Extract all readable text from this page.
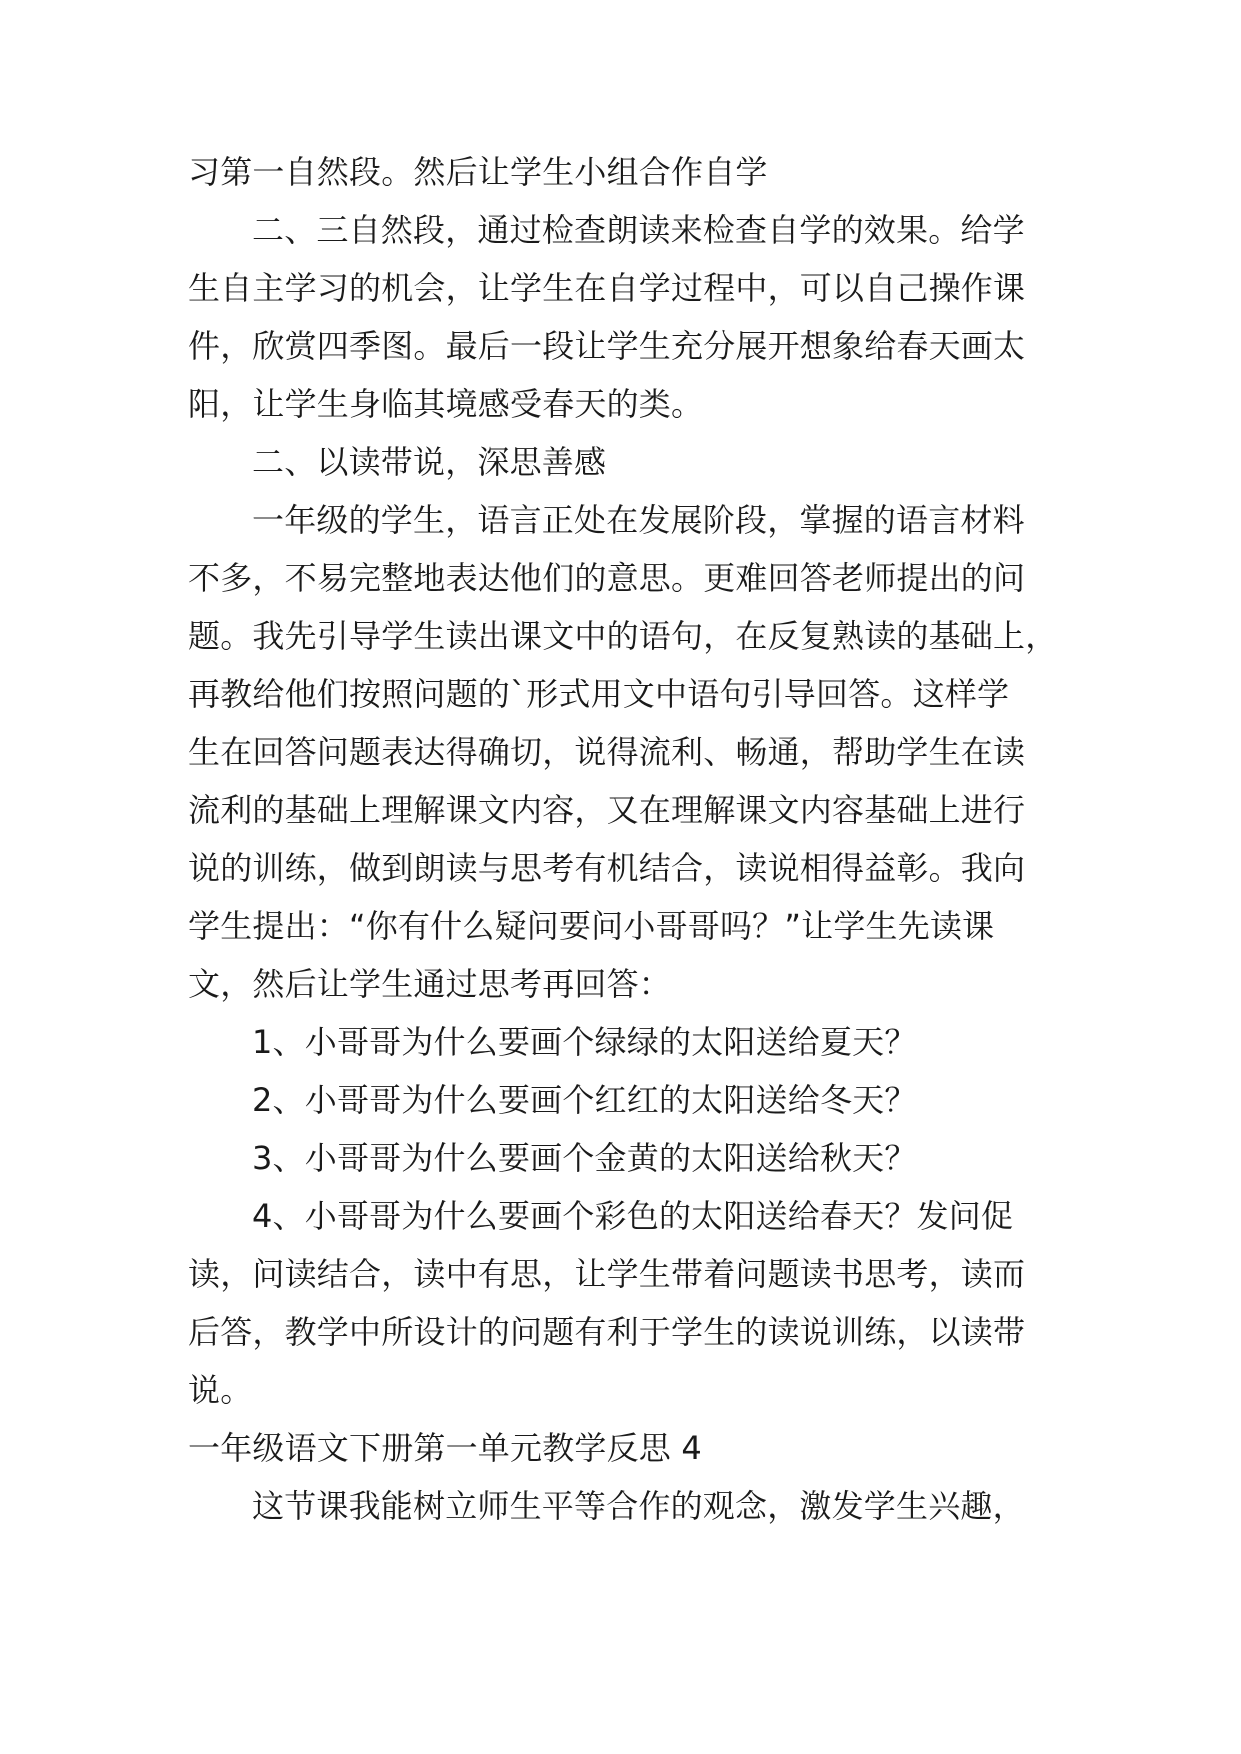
习第一自然段。然后让学生小组合作自学
二、三自然段，通过检查朗读来检查自学的效果。给学
生自主学习的机会，让学生在自学过程中，可以自己操作课
件，欣赏四季图。最后一段让学生充分展开想象给春天画太
阳，让学生身临其境感受春天的类。
二、以读带说，深思善感
一年级的学生，语言正处在发展阶段，掌握的语言材料
不多，不易完整地表达他们的意思。更难回答老师提出的问
题。我先引导学生读出课文中的语句，在反复熟读的基础上，
再教给他们按照问题的`形式用文中语句引导回答。这样学
生在回答问题表达得确切，说得流利、畅通，帮助学生在读
流利的基础上理解课文内容，又在理解课文内容基础上进行
说的训练，做到朗读与思考有机结合，读说相得益彰。我向
学生提出：“你有什么疑问要问小哥哥吗？”让学生先读课
文，然后让学生通过思考再回答：
1、小哥哥为什么要画个绿绿的太阳送给夏天？
2、小哥哥为什么要画个红红的太阳送给冬天？
3、小哥哥为什么要画个金黄的太阳送给秋天？
4、小哥哥为什么要画个彩色的太阳送给春天？发问促
读，问读结合，读中有思，让学生带着问题读书思考，读而
后答，教学中所设计的问题有利于学生的读说训练，以读带
说。
一年级语文下册第一单元教学反思 4
这节课我能树立师生平等合作的观念，激发学生兴趣，
